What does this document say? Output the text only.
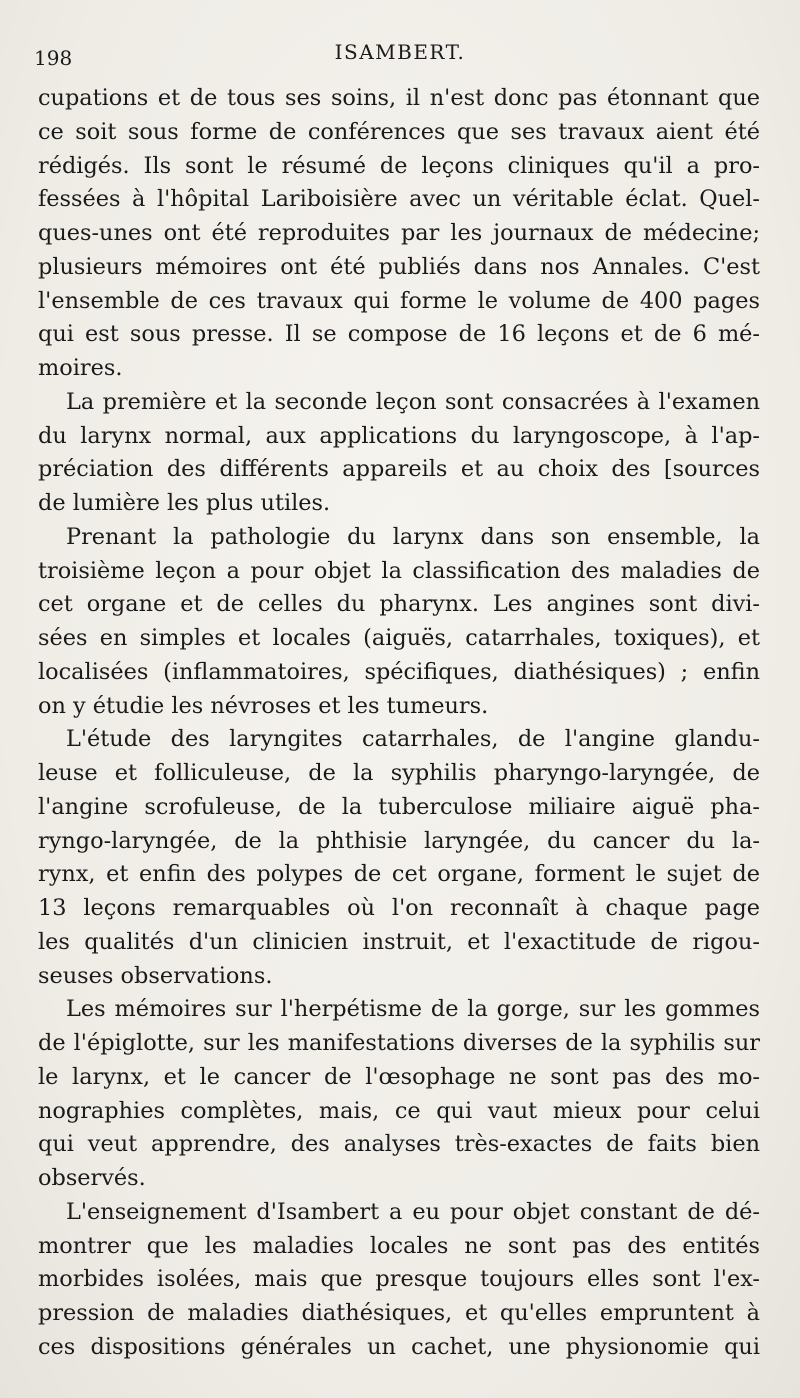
198	ISAMBERT.
cupations et de tous ses soins, il n'est donc pas étonnant que
ce soit sous forme de conférences que ses travaux aient été
rédigés. Ils sont le résumé de leçons cliniques qu'il a pro-
fessées à l'hôpital Lariboisière avec un véritable éclat. Quel-
ques-unes ont été reproduites par les journaux de médecine;
plusieurs mémoires ont été publiés dans nos Annales. C'est
l'ensemble de ces travaux qui forme le volume de 400 pages
qui est sous presse. Il se compose de 16 leçons et de 6 mé-
moires.
La première et la seconde leçon sont consacrées à l'examen
du larynx normal, aux applications du laryngoscope, à l'ap-
préciation des différents appareils et au choix des [sources
de lumière les plus utiles.
Prenant la pathologie du larynx dans son ensemble, la
troisième leçon a pour objet la classification des maladies de
cet organe et de celles du pharynx. Les angines sont divi-
sées en simples et locales (aiguës, catarrhales, toxiques), et
localisées (inflammatoires, spécifiques, diathésiques) ; enfin
on y étudie les névroses et les tumeurs.
L'étude des laryngites catarrhales, de l'angine glandu-
leuse et folliculeuse, de la syphilis pharyngo-laryngée, de
l'angine scrofuleuse, de la tuberculose miliaire aiguë pha-
ryngo-laryngée, de la phthisie laryngée, du cancer du la-
rynx, et enfin des polypes de cet organe, forment le sujet de
13 leçons remarquables où l'on reconnaît à chaque page
les qualités d'un clinicien instruit, et l'exactitude de rigou-
seuses observations.
Les mémoires sur l'herpétisme de la gorge, sur les gommes
de l'épiglotte, sur les manifestations diverses de la syphilis sur
le larynx, et le cancer de l'œsophage ne sont pas des mo-
nographies complètes, mais, ce qui vaut mieux pour celui
qui veut apprendre, des analyses très-exactes de faits bien
observés.
L'enseignement d'Isambert a eu pour objet constant de dé-
montrer que les maladies locales ne sont pas des entités
morbides isolées, mais que presque toujours elles sont l'ex-
pression de maladies diathésiques, et qu'elles empruntent à
ces dispositions générales un cachet, une physionomie qui
